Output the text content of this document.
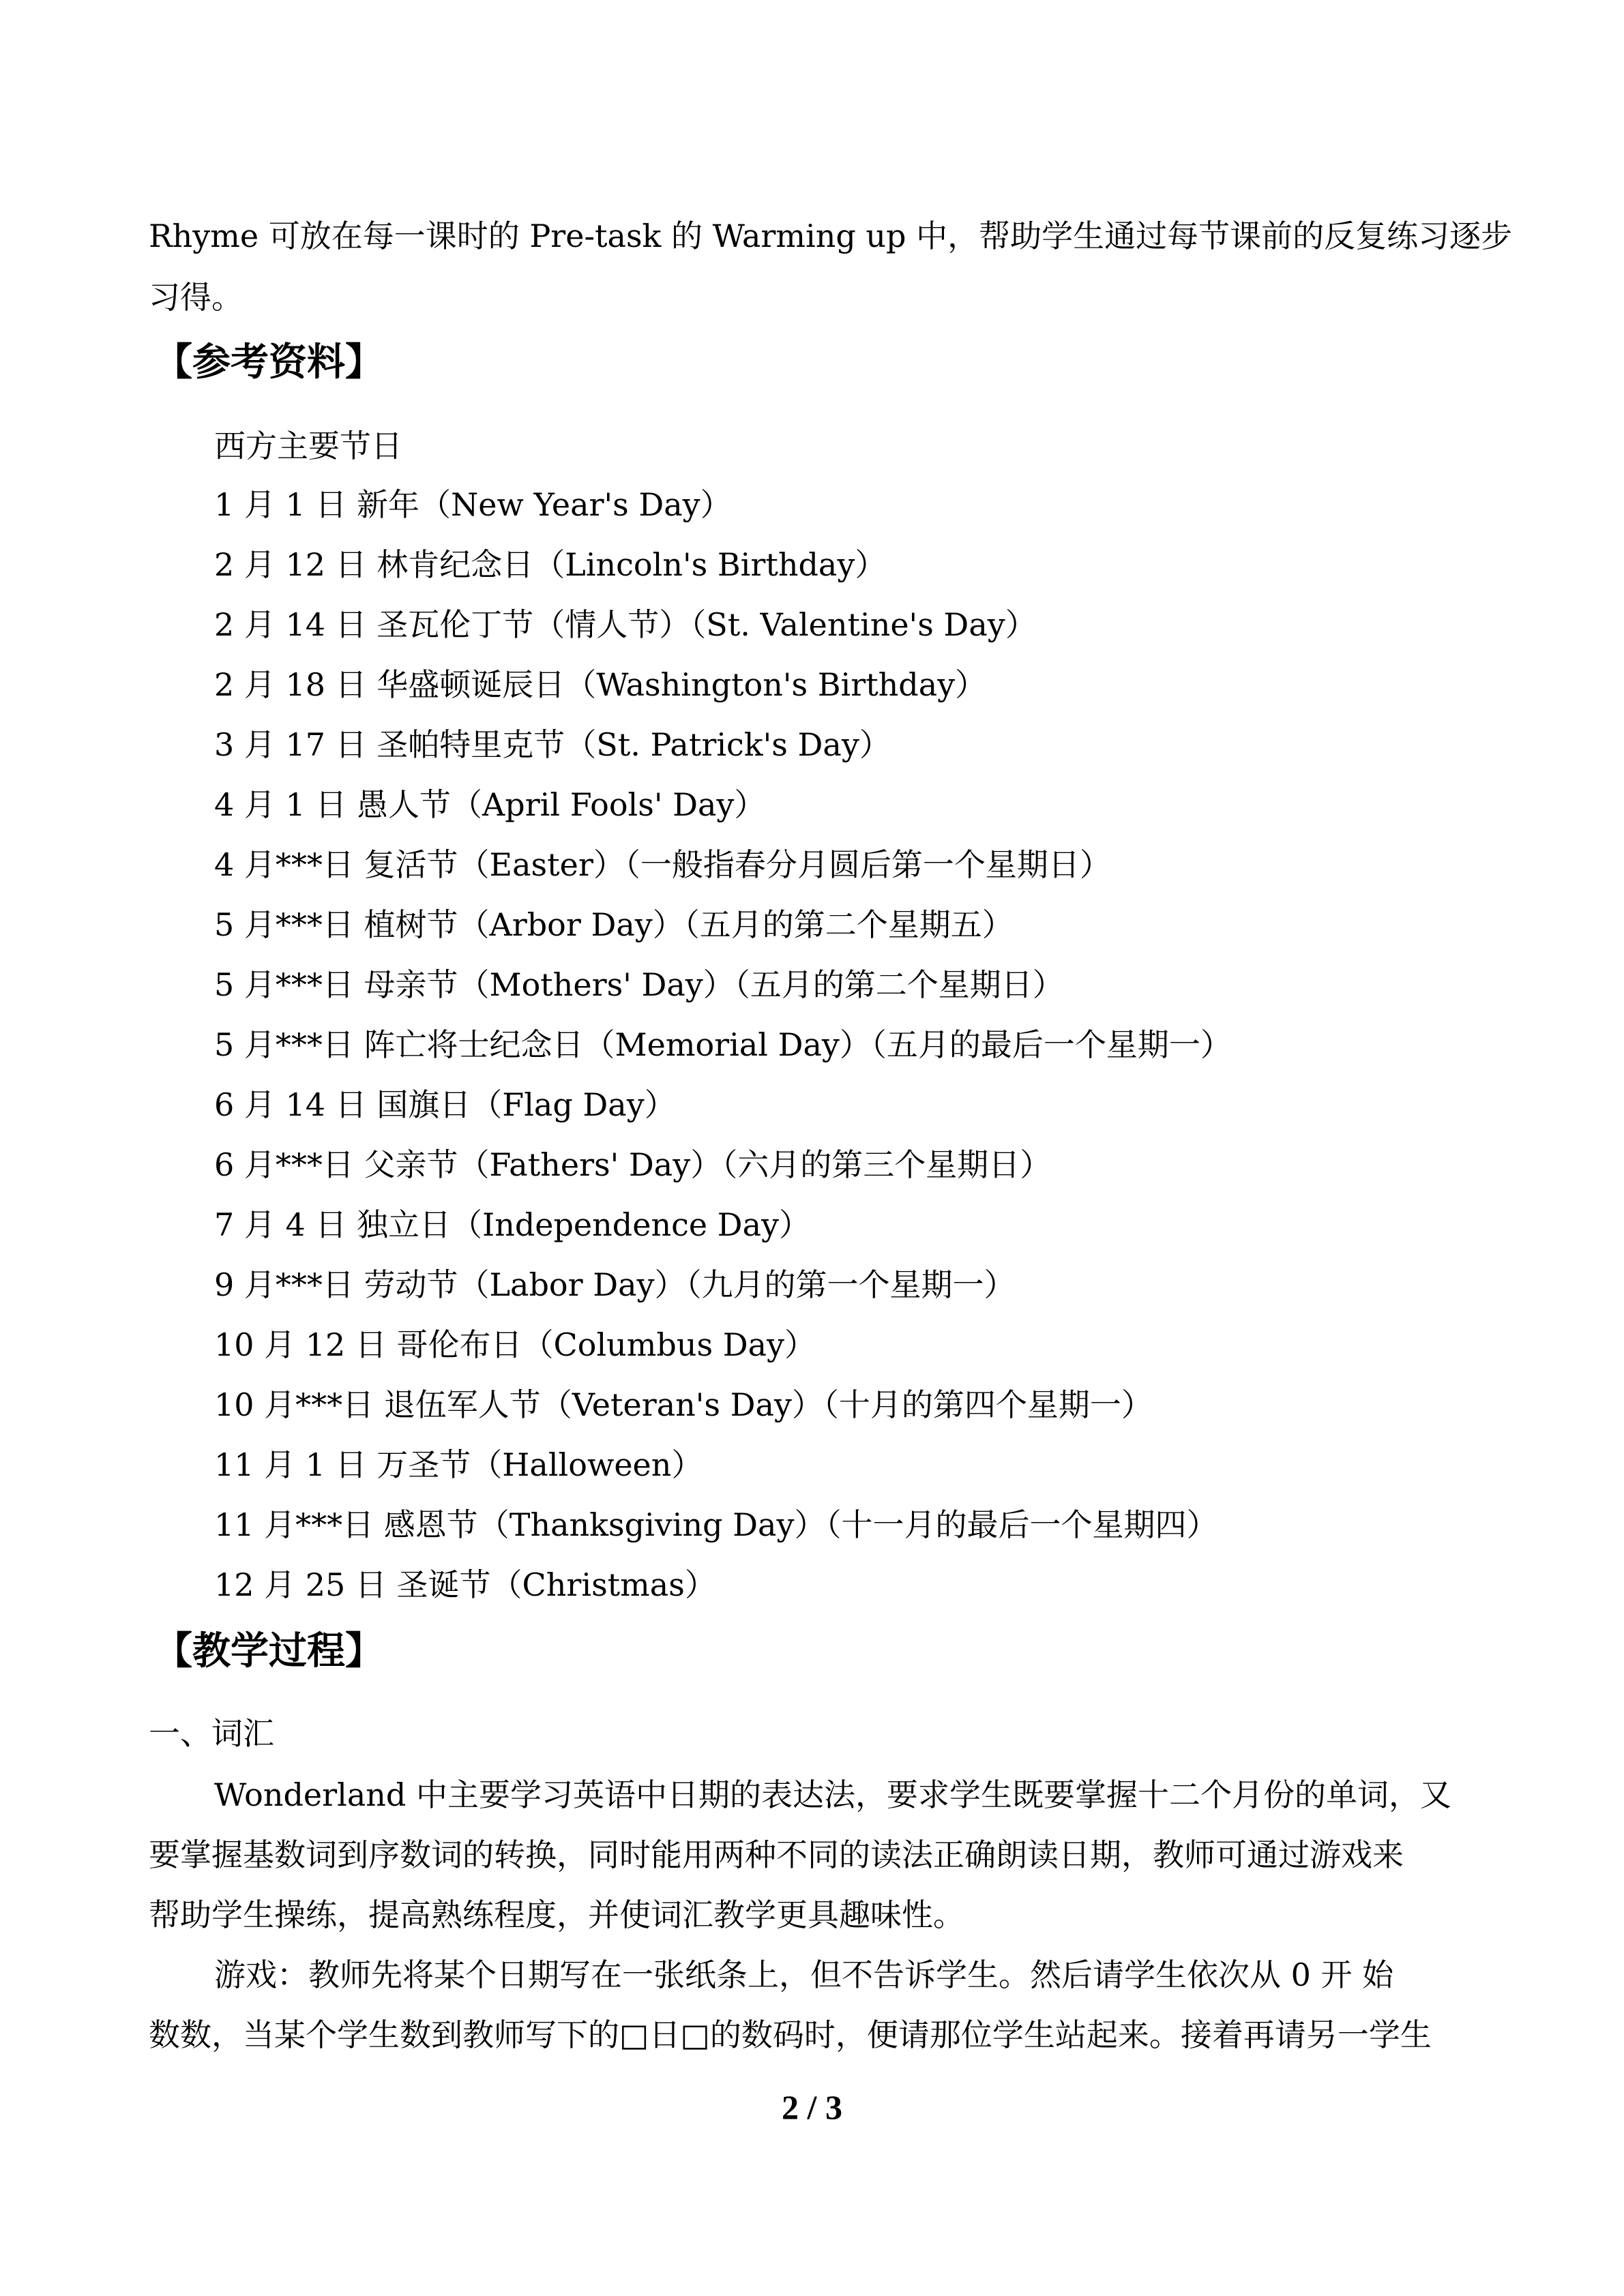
Rhyme 可放在每一课时的 Pre-task 的 Warming up 中，帮助学生通过每节课前的反复练习逐步
习得。
【参考资料】
西方主要节日
1 月 1 日 新年（New Year's Day）
2 月 12 日 林肯纪念日（Lincoln's Birthday）
2 月 14 日 圣瓦伦丁节（情人节）（St. Valentine's Day）
2 月 18 日 华盛顿诞辰日（Washington's Birthday）
3 月 17 日 圣帕特里克节（St. Patrick's Day）
4 月 1 日 愚人节（April Fools' Day）
4 月***日 复活节（Easter）（一般指春分月圆后第一个星期日）
5 月***日 植树节（Arbor Day）（五月的第二个星期五）
5 月***日 母亲节（Mothers' Day）（五月的第二个星期日）
5 月***日 阵亡将士纪念日（Memorial Day）（五月的最后一个星期一）
6 月 14 日 国旗日（Flag Day）
6 月***日 父亲节（Fathers' Day）（六月的第三个星期日）
7 月 4 日 独立日（Independence Day）
9 月***日 劳动节（Labor Day）（九月的第一个星期一）
10 月 12 日 哥伦布日（Columbus Day）
10 月***日 退伍军人节（Veteran's Day）（十月的第四个星期一）
11 月 1 日 万圣节（Halloween）
11 月***日 感恩节（Thanksgiving Day）（十一月的最后一个星期四）
12 月 25 日 圣诞节（Christmas）
【教学过程】
一、词汇
Wonderland 中主要学习英语中日期的表达法，要求学生既要掌握十二个月份的单词，又
要掌握基数词到序数词的转换，同时能用两种不同的读法正确朗读日期，教师可通过游戏来
帮助学生操练，提高熟练程度，并使词汇教学更具趣味性。
游戏：教师先将某个日期写在一张纸条上，但不告诉学生。然后请学生依次从 0 开 始
数数，当某个学生数到教师写下的□日□的数码时，便请那位学生站起来。接着再请另一学生
2 / 3
